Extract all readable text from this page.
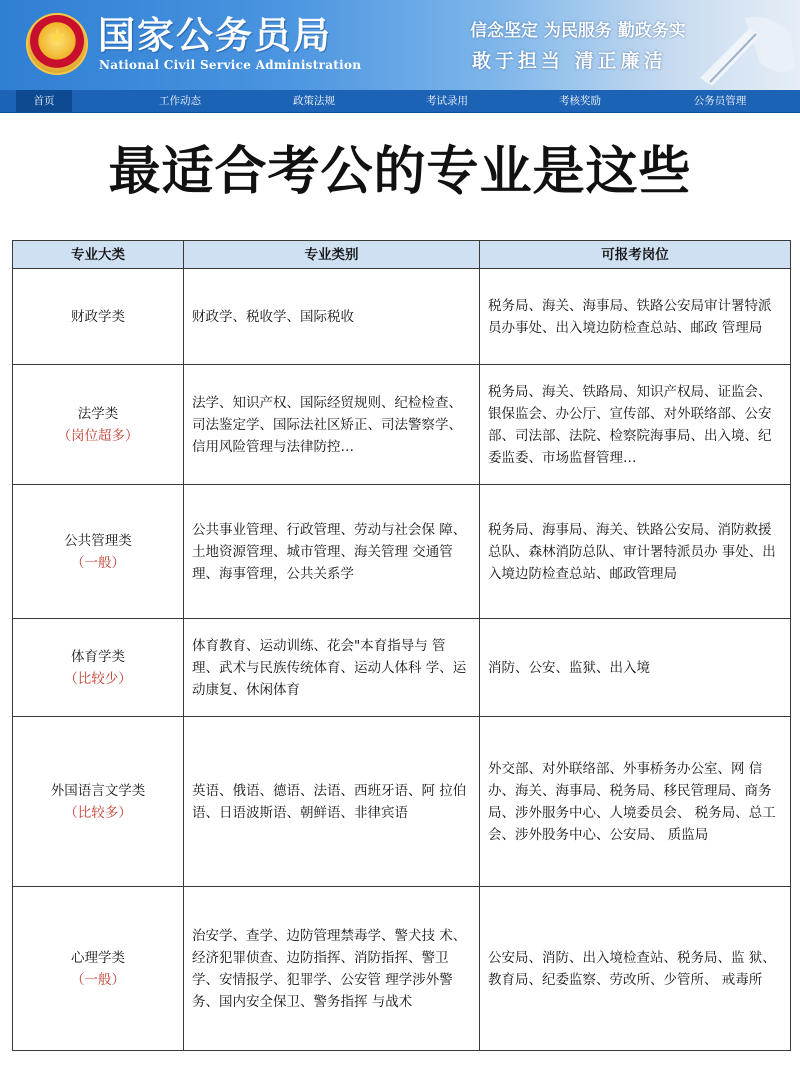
★ 国家公务员局
National Civil Service Administration
信念坚定 为民服务 勤政务实
敢于担当 清正廉洁
首页	工作动态	政策法规	考试录用	考核奖励	公务员管理
最适合考公的专业是这些
专业大类	专业类别	可报考岗位

财政学类	财政学、税收学、国际税收	税务局、海关、海事局、铁路公安局审计署特派员办事处、出入境边防检查总站、邮政 管理局

法学类
（岗位超多）	法学、知识产权、国际经贸规则、纪检检查、司法鉴定学、国际法社区矫正、司法警察学、信用风险管理与法律防控…	税务局、海关、铁路局、知识产权局、证监会、银保监会、办公厅、宣传部、对外联络部、公安部、司法部、法院、检察院海事局、出入境、纪委监委、市场监督管理…

公共管理类
（一般）	公共事业管理、行政管理、劳动与社会保 障、土地资源管理、城市管理、海关管理 交通管理、海事管理，公共关系学	税务局、海事局、海关、铁路公安局、消防救援总队、森林消防总队、审计署特派员办 事处、出入境边防检查总站、邮政管理局

体育学类
（比较少）	体育教育、运动训练、花会"本育指导与 管理、武术与民族传统体育、运动人体科 学、运动康复、休闲体育	消防、公安、监狱、出入境

外国语言文学类
（比较多）	英语、俄语、德语、法语、西班牙语、阿 拉伯语、日语波斯语、朝鲜语、非律宾语	外交部、对外联络部、外事桥务办公室、网 信办、海关、海事局、税务局、移民管理局、商务局、涉外服务中心、人境委员会、 税务局、总工会、涉外股务中心、公安局、 质监局

心理学类
（一般）	治安学、查学、边防管理禁毒学、警犬技 术、经济犯罪侦查、边防指挥、消防指挥、警卫学、安情报学、犯罪学、公安管 理学涉外警务、国内安全保卫、警务指挥 与战术	公安局、消防、出入境检查站、税务局、监 狱、教育局、纪委监察、劳改所、少管所、 戒毒所
